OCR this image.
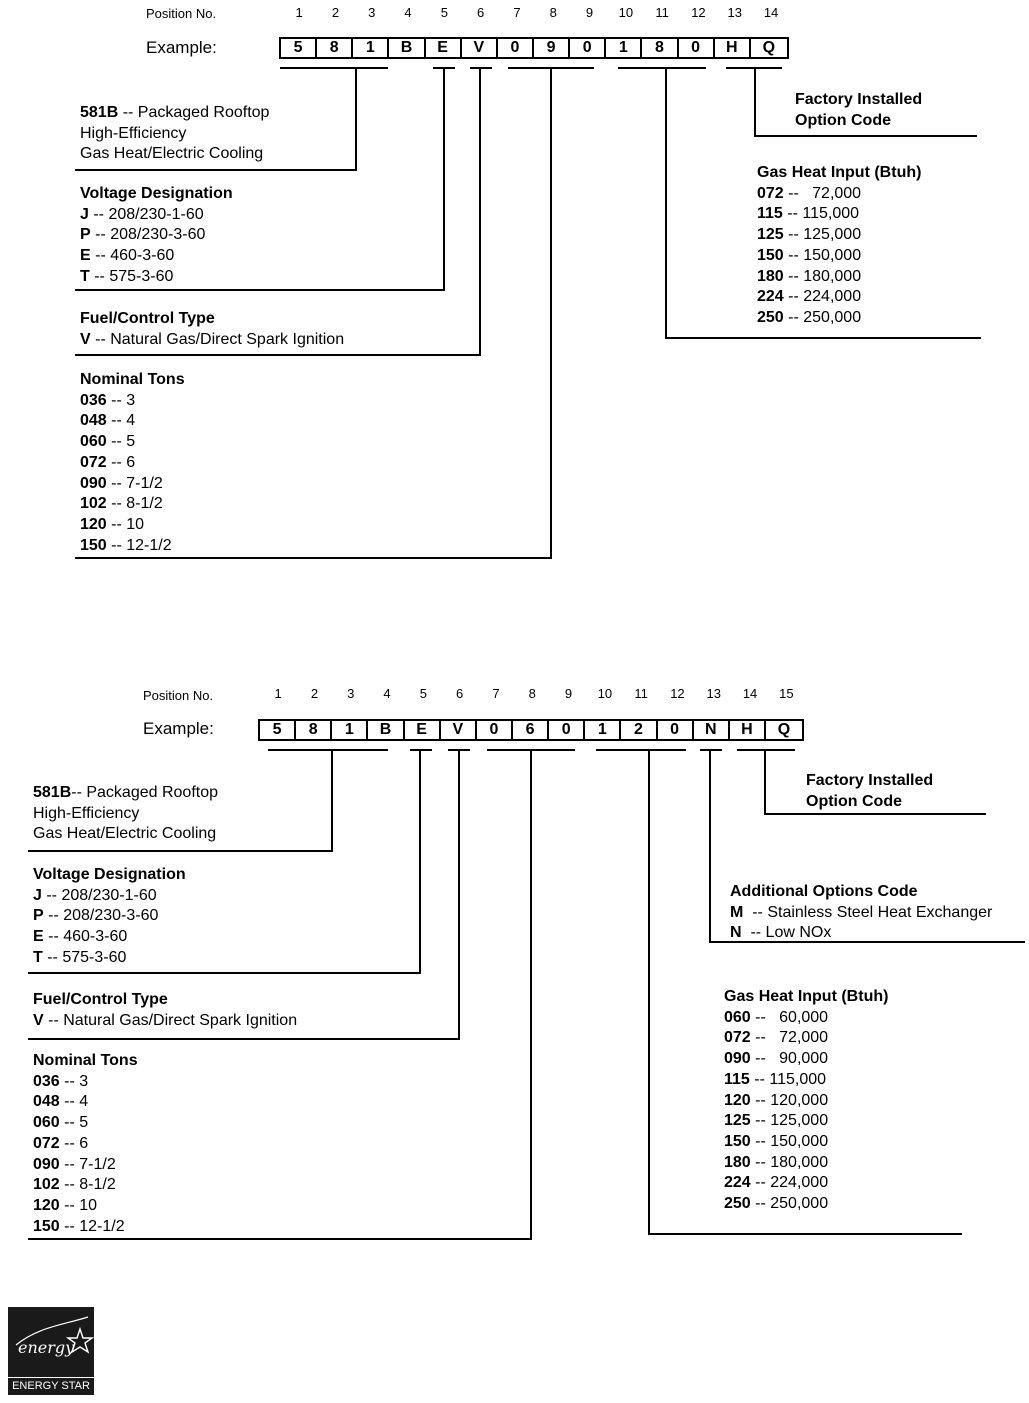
Position No.	1	2	3	4	5	6	7	8	9	10	11	12	13	14
Example:	5	8	1	B	E	V	0	9	0	1	8	0	H	Q
581B -- Packaged Rooftop
High-Efficiency
Gas Heat/Electric Cooling
Voltage Designation
J -- 208/230-1-60
P -- 208/230-3-60
E -- 460-3-60
T -- 575-3-60
Fuel/Control Type
V -- Natural Gas/Direct Spark Ignition
Nominal Tons
036 -- 3
048 -- 4
060 -- 5
072 -- 6
090 -- 7-1/2
102 -- 8-1/2
120 -- 10
150 -- 12-1/2
Factory Installed
Option Code
Gas Heat Input (Btuh)
072 --   72,000
115 -- 115,000
125 -- 125,000
150 -- 150,000
180 -- 180,000
224 -- 224,000
250 -- 250,000
Position No.	1	2	3	4	5	6	7	8	9	10	11	12	13	14	15
Example:	5	8	1	B	E	V	0	6	0	1	2	0	N	H	Q
581B-- Packaged Rooftop
High-Efficiency
Gas Heat/Electric Cooling
Voltage Designation
J -- 208/230-1-60
P -- 208/230-3-60
E -- 460-3-60
T -- 575-3-60
Fuel/Control Type
V -- Natural Gas/Direct Spark Ignition
Nominal Tons
036 -- 3
048 -- 4
060 -- 5
072 -- 6
090 -- 7-1/2
102 -- 8-1/2
120 -- 10
150 -- 12-1/2
Factory Installed
Option Code
Additional Options Code
M  -- Stainless Steel Heat Exchanger
N  -- Low NOx
Gas Heat Input (Btuh)
060 --   60,000
072 --   72,000
090 --   90,000
115 -- 115,000
120 -- 120,000
125 -- 125,000
150 -- 150,000
180 -- 180,000
224 -- 224,000
250 -- 250,000
energy
ENERGY STAR
